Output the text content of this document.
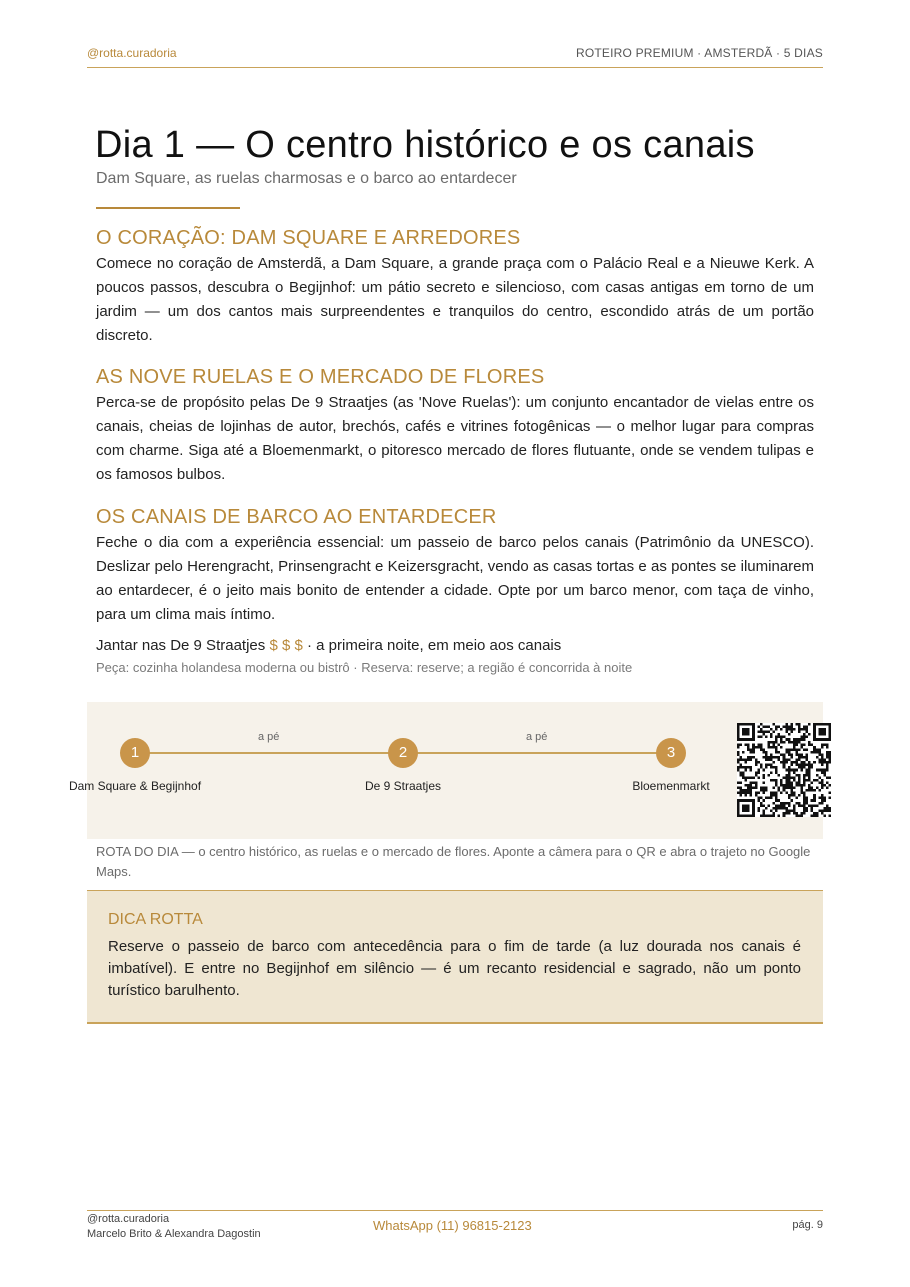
@rotta.curadoria	ROTEIRO PREMIUM · AMSTERDÃ · 5 DIAS
Dia 1 — O centro histórico e os canais
Dam Square, as ruelas charmosas e o barco ao entardecer
O CORAÇÃO: DAM SQUARE E ARREDORES

Comece no coração de Amsterdã, a Dam Square, a grande praça com o Palácio Real e a Nieuwe Kerk. A poucos passos, descubra o Begijnhof: um pátio secreto e silencioso, com casas antigas em torno de um jardim — um dos cantos mais surpreendentes e tranquilos do centro, escondido atrás de um portão discreto.

AS NOVE RUELAS E O MERCADO DE FLORES

Perca-se de propósito pelas De 9 Straatjes (as 'Nove Ruelas'): um conjunto encantador de vielas entre os canais, cheias de lojinhas de autor, brechós, cafés e vitrines fotogênicas — o melhor lugar para compras com charme. Siga até a Bloemenmarkt, o pitoresco mercado de flores flutuante, onde se vendem tulipas e os famosos bulbos.

OS CANAIS DE BARCO AO ENTARDECER

Feche o dia com a experiência essencial: um passeio de barco pelos canais (Patrimônio da UNESCO). Deslizar pelo Herengracht, Prinsengracht e Keizersgracht, vendo as casas tortas e as pontes se iluminarem ao entardecer, é o jeito mais bonito de entender a cidade. Opte por um barco menor, com taça de vinho, para um clima mais íntimo.

Jantar nas De 9 Straatjes $ $ $ · a primeira noite, em meio aos canais
Peça: cozinha holandesa moderna ou bistrô · Reserva: reserve; a região é concorrida à noite
a pé	a pé
1	2	3
Dam Square & Begijnhof	De 9 Straatjes	Bloemenmarkt
ROTA DO DIA — o centro histórico, as ruelas e o mercado de flores. Aponte a câmera para o QR e abra o trajeto no Google Maps.
DICA ROTTA
Reserve o passeio de barco com antecedência para o fim de tarde (a luz dourada nos canais é imbatível). E entre no Begijnhof em silêncio — é um recanto residencial e sagrado, não um ponto turístico barulhento.
@rotta.curadoria
Marcelo Brito & Alexandra Dagostin
WhatsApp (11) 96815-2123	pág. 9
